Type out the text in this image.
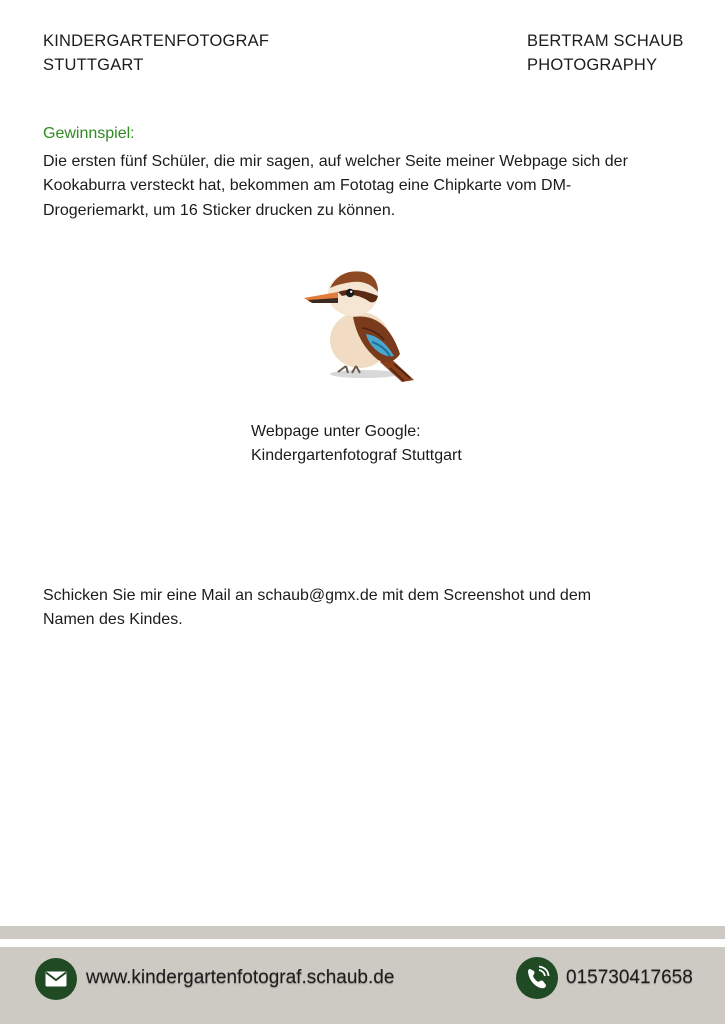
KINDERGARTENFOTOGRAF
STUTTGART
BERTRAM SCHAUB
PHOTOGRAPHY
Gewinnspiel:
Die ersten fünf Schüler, die mir sagen, auf welcher Seite meiner Webpage sich der
Kookaburra versteckt hat, bekommen am Fototag eine Chipkarte vom DM-
Drogeriemarkt, um 16 Sticker drucken zu können.
Webpage unter Google:
Kindergartenfotograf Stuttgart
Schicken Sie mir eine Mail an schaub@gmx.de mit dem Screenshot und dem
Namen des Kindes.
www.kindergartenfotograf.schaub.de	015730417658
